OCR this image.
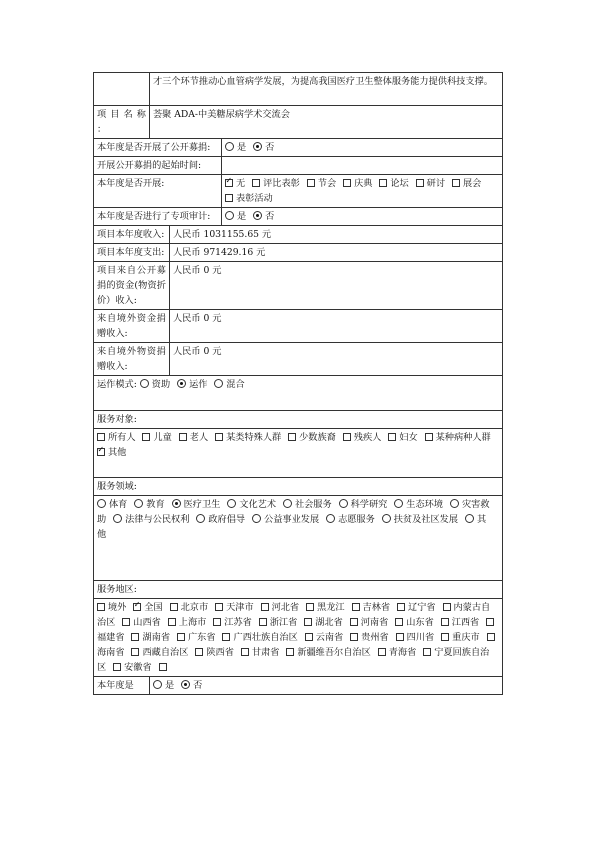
	才三个环节推动心血管病学发展，为提高我国医疗卫生整体服务能力提供科技支撑。		
项 目 名 称 ：	荟聚 ADA-中美糖尿病学术交流会		
本年度是否开展了公开募捐:			是 否
开展公开募捐的起始时间:			
本年度是否开展:	✓无 评比表彰 节会 庆典 论坛 研讨 展会 表彰活动
本年度是否进行了专项审计:			是 否
项目本年度收入:		人民币 1031155.65 元	
项目本年度支出:		人民币 971429.16 元	
项目来自公开募捐的资金(物资折价）收入:		人民币 0 元	
来自境外资金捐赠收入:		人民币 0 元	
来自境外物资捐赠收入:		人民币 0 元	
运作模式: 资助 运作 混合			
服务对象:			
所有人 儿童 老人 某类特殊人群 少数族裔 残疾人 妇女 某种病种人群 ✓其他
服务领域:			
体育 教育 医疗卫生 文化艺术 社会服务 科学研究 生态环境 灾害救助 法律与公民权利 政府倡导 公益事业发展 志愿服务 扶贫及社区发展 其他			
服务地区:			
境外 ✓ 全国 北京市 天津市 河北省 黑龙江 吉林省 辽宁省 内蒙古自治区 山西省 上海市 江苏省 浙江省 湖北省 河南省 山东省 江西省 福建省 湖南省 广东省 广西壮族自治区 云南省 贵州省 四川省 重庆市 海南省 西藏自治区 陕西省 甘肃省 新疆维吾尔自治区 青海省 宁夏回族自治区 安徽省
本年度是	是 否		
